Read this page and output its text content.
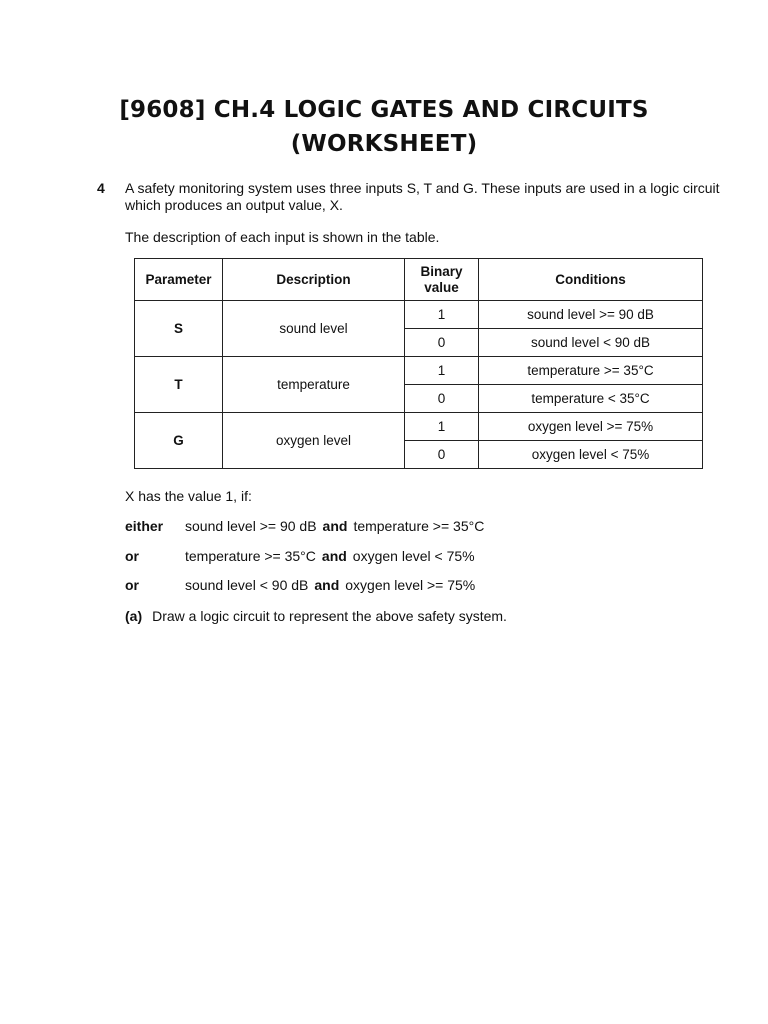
[9608] CH.4 LOGIC GATES AND CIRCUITS
(WORKSHEET)
4 A safety monitoring system uses three inputs S, T and G. These inputs are used in a logic circuit
which produces an output value, X.
The description of each input is shown in the table.
Parameter	Description	Binary value	Conditions
S	sound level	1	sound level >= 90 dB
		0	sound level < 90 dB
T	temperature	1	temperature >= 35°C
		0	temperature < 35°C
G	oxygen level	1	oxygen level >= 75%
		0	oxygen level < 75%
X has the value 1, if:
either sound level >= 90 dB and temperature >= 35°C
or	temperature >= 35°C and oxygen level < 75%
or	sound level < 90 dB and oxygen level >= 75%
(a) Draw a logic circuit to represent the above safety system.
